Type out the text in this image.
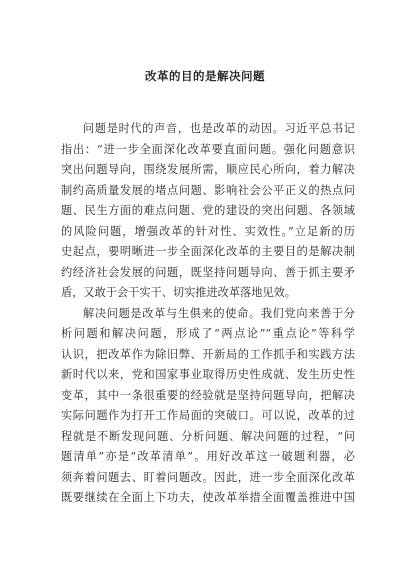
改革的目的是解决问题
问题是时代的声音，也是改革的动因。习近平总书记
指出：“进一步全面深化改革要直面问题。强化问题意识
突出问题导向，围绕发展所需，顺应民心所向，着力解决
制约高质量发展的堵点问题、影响社会公平正义的热点问
题、民生方面的难点问题、党的建设的突出问题、各领域
的风险问题，增强改革的针对性、实效性。”立足新的历
史起点，要明晰进一步全面深化改革的主要目的是解决制
约经济社会发展的问题，既坚持问题导向、善于抓主要矛
盾，又敢于会干实干、切实推进改革落地见效。
解决问题是改革与生俱来的使命。我们党向来善于分
析问题和解决问题，形成了“两点论”“重点论”等科学
认识，把改革作为除旧弊、开新局的工作抓手和实践方法
新时代以来，党和国家事业取得历史性成就、发生历史性
变革，其中一条很重要的经验就是坚持问题导向，把解决
实际问题作为打开工作局面的突破口。可以说，改革的过
程就是不断发现问题、分析问题、解决问题的过程，“问
题清单”亦是“改革清单”。用好改革这一破题利器，必
须奔着问题去、盯着问题改。因此，进一步全面深化改革
既要继续在全面上下功夫，使改革举措全面覆盖推进中国
